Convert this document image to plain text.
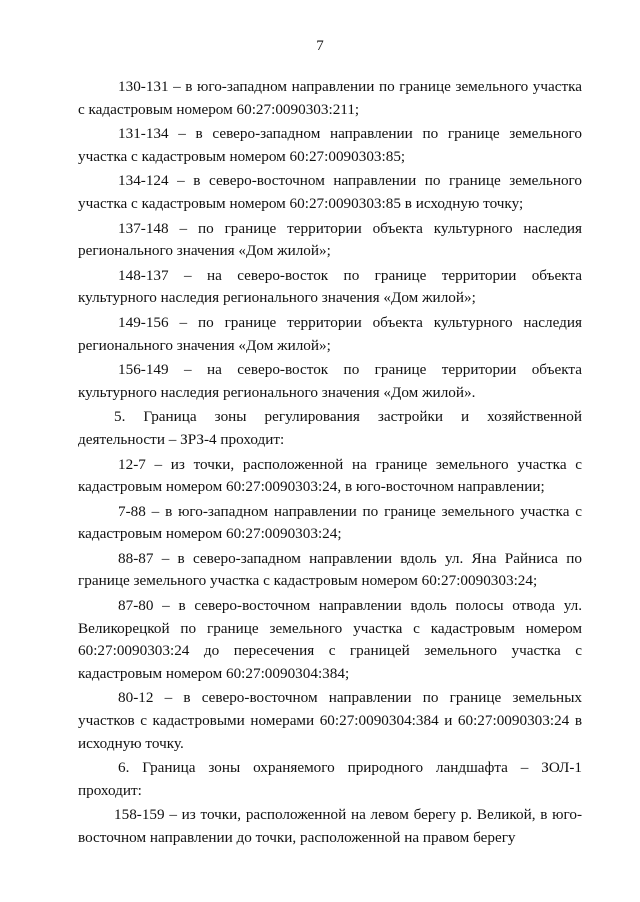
7

130-131 – в юго-западном направлении по границе земельного участка с кадастровым номером 60:27:0090303:211;

131-134 – в северо-западном направлении по границе земельного участка с кадастровым номером 60:27:0090303:85;

134-124 – в северо-восточном направлении по границе земельного участка с кадастровым номером 60:27:0090303:85 в исходную точку;

137-148 – по границе территории объекта культурного наследия регионального значения «Дом жилой»;

148-137 – на северо-восток по границе территории объекта культурного наследия регионального значения «Дом жилой»;

149-156 – по границе территории объекта культурного наследия регионального значения «Дом жилой»;

156-149 – на северо-восток по границе территории объекта культурного наследия регионального значения «Дом жилой».

5. Граница зоны регулирования застройки и хозяйственной деятельности – ЗРЗ-4 проходит:

12-7 – из точки, расположенной на границе земельного участка с кадастровым номером 60:27:0090303:24, в юго-восточном направлении;

7-88 – в юго-западном направлении по границе земельного участка с кадастровым номером 60:27:0090303:24;

88-87 – в северо-западном направлении вдоль ул. Яна Райниса по границе земельного участка с кадастровым номером 60:27:0090303:24;

87-80 – в северо-восточном направлении вдоль полосы отвода ул. Великорецкой по границе земельного участка с кадастровым номером 60:27:0090303:24 до пересечения с границей земельного участка с кадастровым номером 60:27:0090304:384;

80-12 – в северо-восточном направлении по границе земельных участков с кадастровыми номерами 60:27:0090304:384 и 60:27:0090303:24 в исходную точку.

6. Граница зоны охраняемого природного ландшафта – ЗОЛ-1 проходит:

158-159 – из точки, расположенной на левом берегу р. Великой, в юго-восточном направлении до точки, расположенной на правом берегу
